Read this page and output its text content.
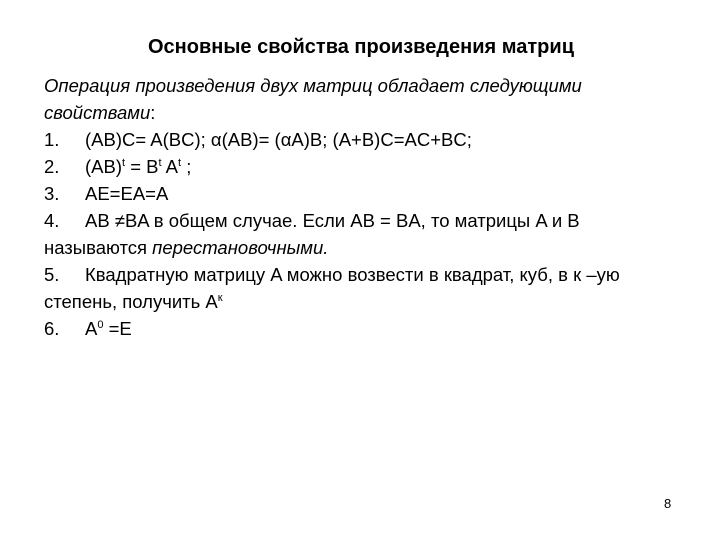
Основные свойства произведения матриц
Операция произведения двух матриц обладает следующими
свойствами:
1. (AB)C= A(BC); α(AB)= (αA)B; (A+B)C=AC+BC;
2. $(AB)^t = B^t$ $A^t$ ;
3. AE=EA=A
4. AB ≠BA в общем случае. Если AB = BA, то матрицы A и B
называются перестановочными.
5. Квадратную матрицу A можно возвести в квадрат, куб, в к –ую
степень, получить $A^к$
6. $A^0 =E$
8
